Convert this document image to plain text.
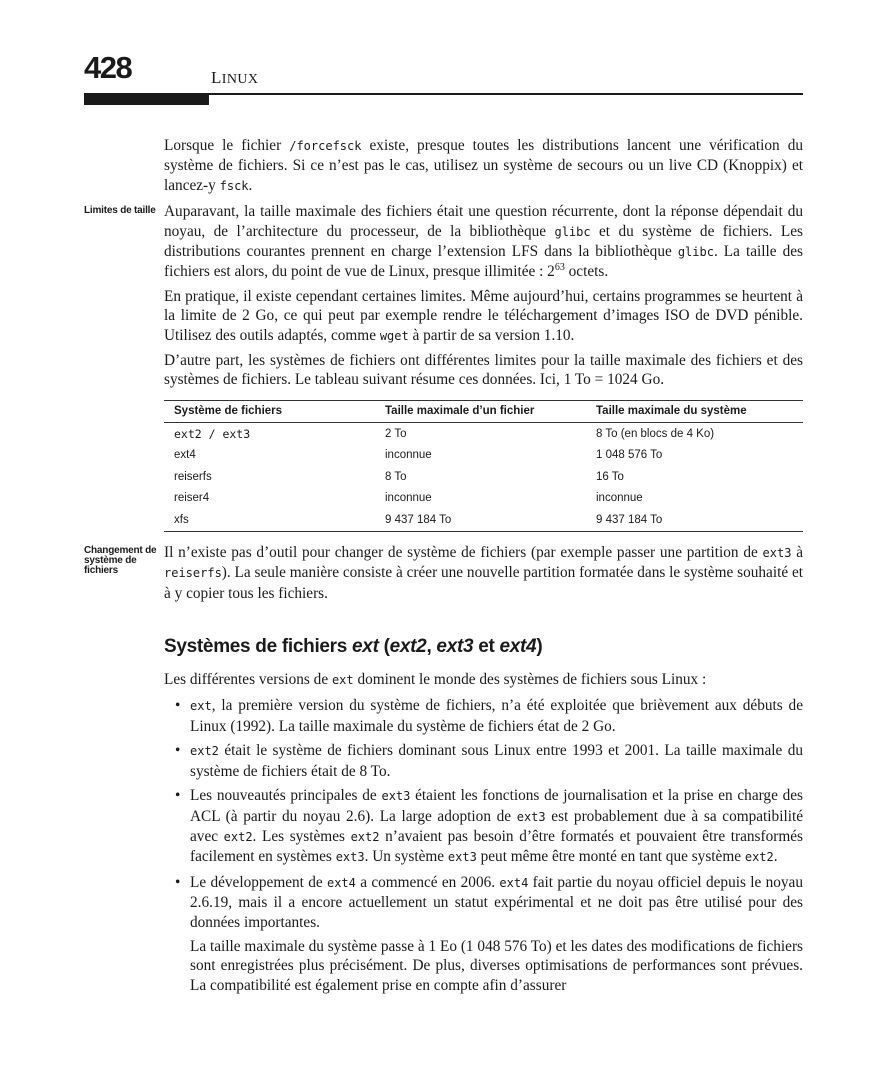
428	LINUX

Lorsque le fichier /forcefsck existe, presque toutes les distributions lancent une vérification du système de fichiers. Si ce n’est pas le cas, utilisez un système de secours ou un live CD (Knoppix) et lancez-y fsck.

Limites de taille Auparavant, la taille maximale des fichiers était une question récurrente, dont la réponse dépendait du noyau, de l’architecture du processeur, de la bibliothèque glibc et du système de fichiers. Les distributions courantes prennent en charge l’extension LFS dans la bibliothèque glibc. La taille des fichiers est alors, du point de vue de Linux, presque illimitée : $2^{63}$ octets.

En pratique, il existe cependant certaines limites. Même aujourd’hui, certains programmes se heurtent à la limite de 2 Go, ce qui peut par exemple rendre le téléchargement d’images ISO de DVD pénible. Utilisez des outils adaptés, comme wget à partir de sa version 1.10.

D’autre part, les systèmes de fichiers ont différentes limites pour la taille maximale des fichiers et des systèmes de fichiers. Le tableau suivant résume ces données. Ici, 1 To = 1024 Go.

Système de fichiers	Taille maximale d’un fichier	Taille maximale du système
ext2 / ext3	2 To	8 To (en blocs de 4 Ko)
ext4	inconnue	1 048 576 To
reiserfs	8 To	16 To
reiser4	inconnue	inconnue
xfs	9 437 184 To	9 437 184 To
Changement de système de fichiers

Il n’existe pas d’outil pour changer de système de fichiers (par exemple passer une partition de ext3 à reiserfs). La seule manière consiste à créer une nouvelle partition formatée dans le système souhaité et à y copier tous les fichiers.

Systèmes de fichiers ext (ext2, ext3 et ext4)

Les différentes versions de ext dominent le monde des systèmes de fichiers sous Linux :

• ext, la première version du système de fichiers, n’a été exploitée que brièvement aux débuts de Linux (1992). La taille maximale du système de fichiers état de 2 Go.
• ext2 était le système de fichiers dominant sous Linux entre 1993 et 2001. La taille maximale du système de fichiers était de 8 To.
• Les nouveautés principales de ext3 étaient les fonctions de journalisation et la prise en charge des ACL (à partir du noyau 2.6). La large adoption de ext3 est probablement due à sa compatibilité avec ext2. Les systèmes ext2 n’avaient pas besoin d’être formatés et pouvaient être transformés facilement en systèmes ext3. Un système ext3 peut même être monté en tant que système ext2.
• Le développement de ext4 a commencé en 2006. ext4 fait partie du noyau officiel depuis le noyau 2.6.19, mais il a encore actuellement un statut expérimental et ne doit pas être utilisé pour des données importantes.

La taille maximale du système passe à 1 Eo (1 048 576 To) et les dates des modifications de fichiers sont enregistrées plus précisément. De plus, diverses optimisations de performances sont prévues. La compatibilité est également prise en compte afin d’assurer
